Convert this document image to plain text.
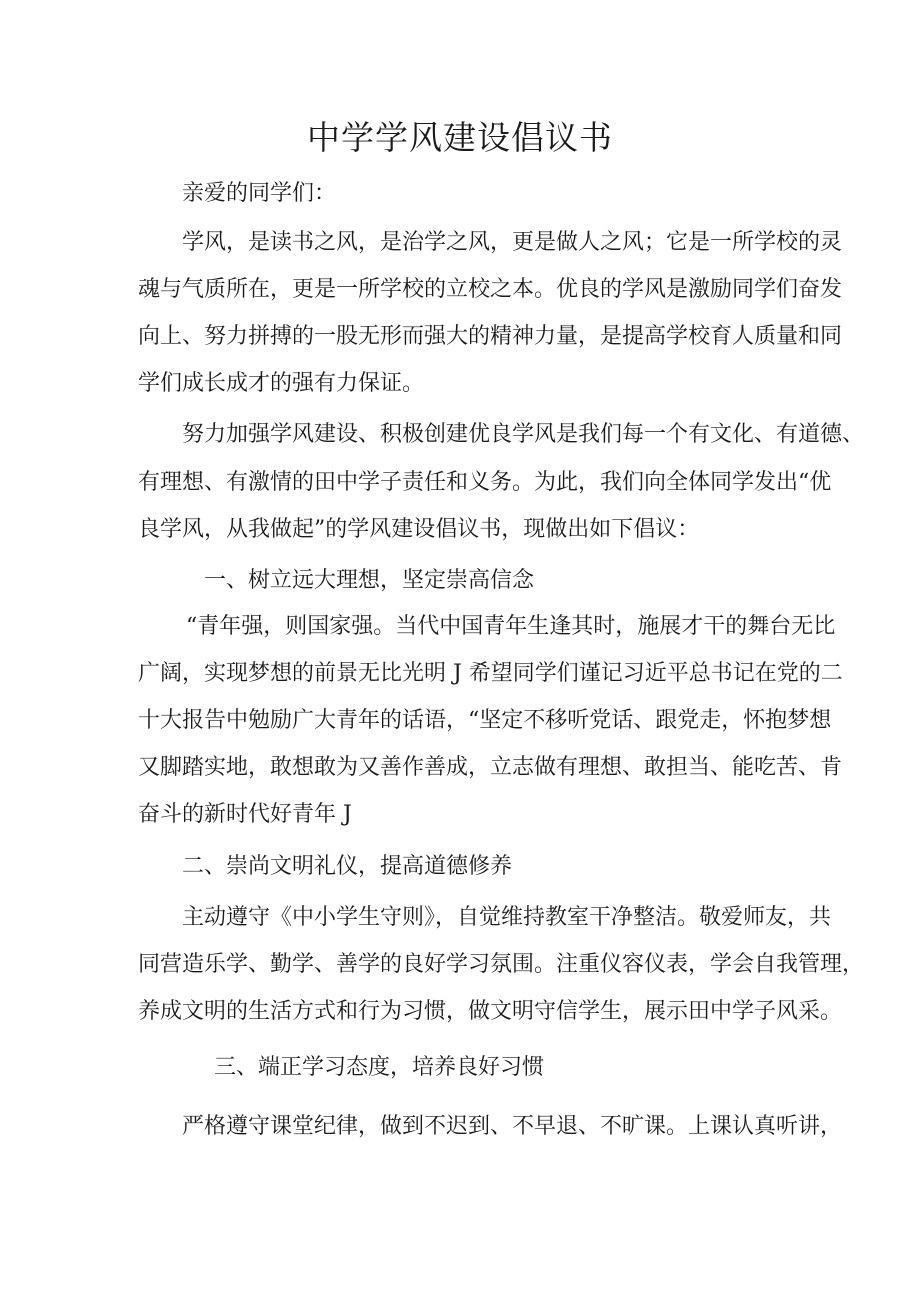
中学学风建设倡议书

亲爱的同学们：

学风，是读书之风，是治学之风，更是做人之风；它是一所学校的灵

魂与气质所在，更是一所学校的立校之本。优良的学风是激励同学们奋发

向上、努力拼搏的一股无形而强大的精神力量，是提高学校育人质量和同

学们成长成才的强有力保证。

努力加强学风建设、积极创建优良学风是我们每一个有文化、有道德、

有理想、有激情的田中学子责任和义务。为此，我们向全体同学发出“优

良学风，从我做起”的学风建设倡议书，现做出如下倡议：

一、树立远大理想，坚定崇高信念

“青年强，则国家强。当代中国青年生逢其时，施展才干的舞台无比

广阔，实现梦想的前景无比光明 J 希望同学们谨记习近平总书记在党的二

十大报告中勉励广大青年的话语，“坚定不移听党话、跟党走，怀抱梦想

又脚踏实地，敢想敢为又善作善成，立志做有理想、敢担当、能吃苦、肯

奋斗的新时代好青年 J

二、崇尚文明礼仪，提高道德修养

主动遵守《中小学生守则》，自觉维持教室干净整洁。敬爱师友，共

同营造乐学、勤学、善学的良好学习氛围。注重仪容仪表，学会自我管理，

养成文明的生活方式和行为习惯，做文明守信学生，展示田中学子风采。

三、端正学习态度，培养良好习惯

严格遵守课堂纪律，做到不迟到、不早退、不旷课。上课认真听讲，
